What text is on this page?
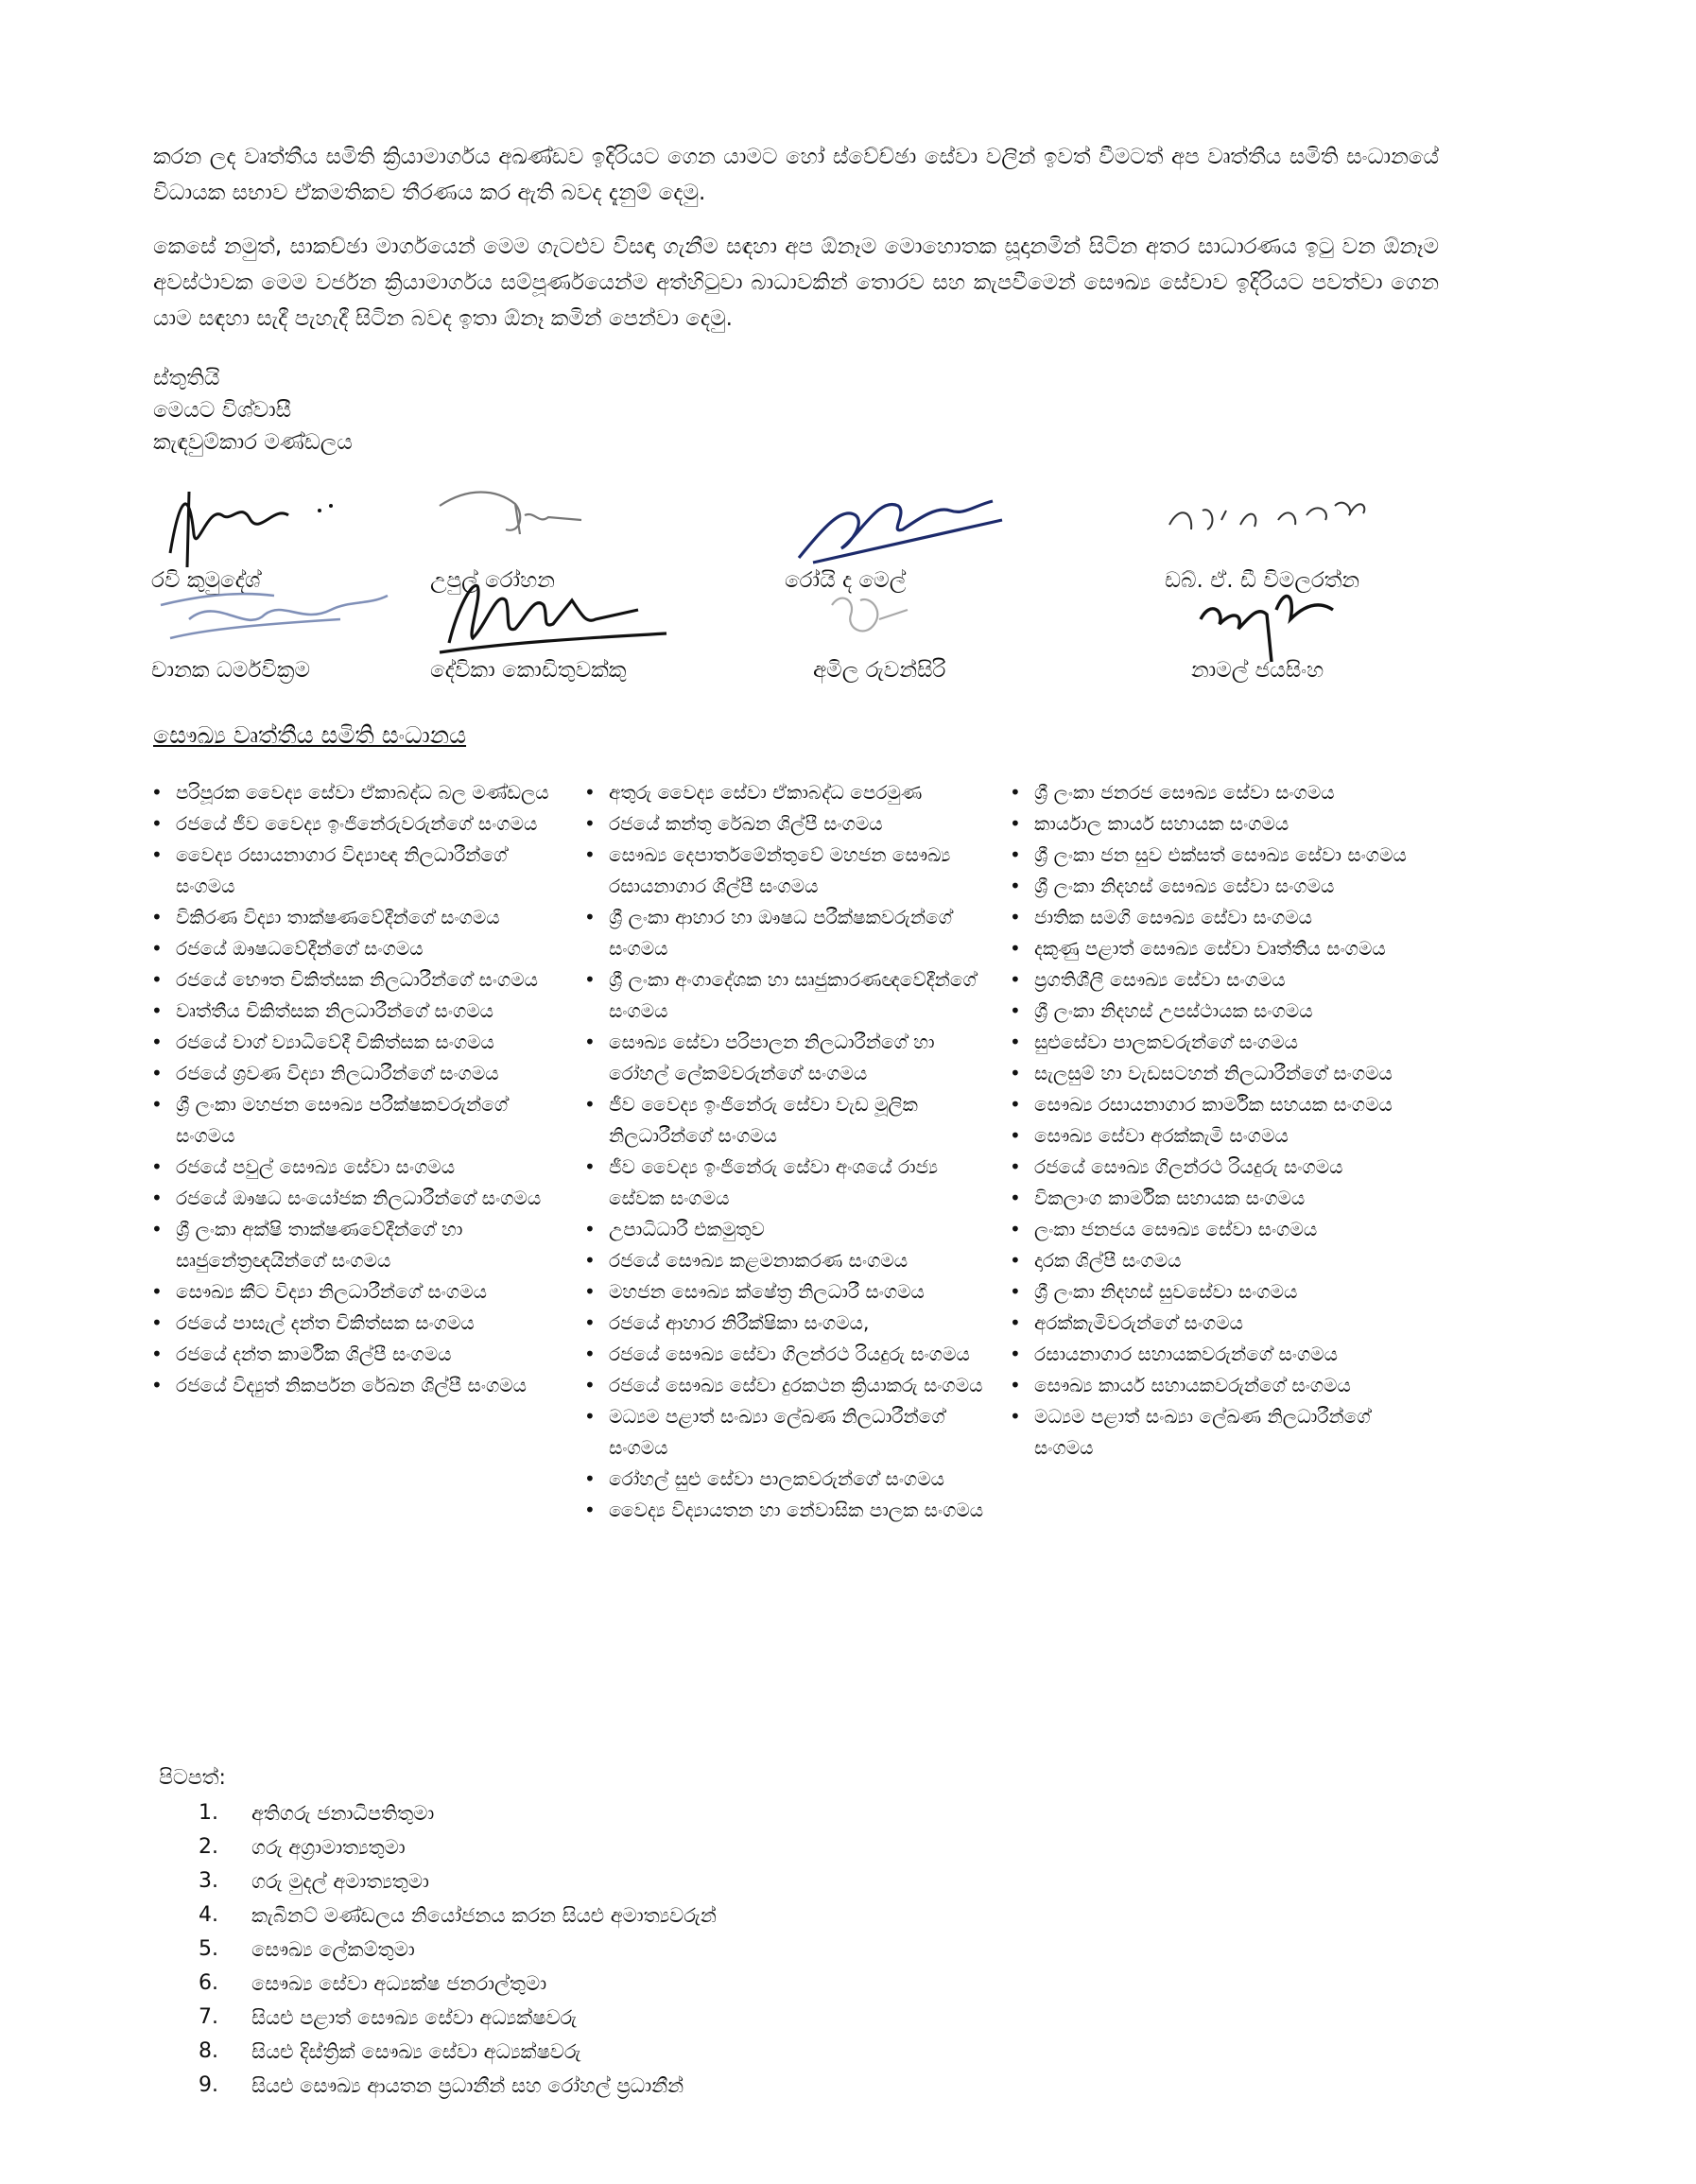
කරන ලද වෘත්තීය සමිති ක්‍රියාමාර්ගය අඛණ්ඩව ඉදිරියට ගෙන යාමට හෝ ස්වේච්ඡා සේවා වලින් ඉවත් වීමටත් අප වෘත්තීය සමිති සංධානයේ විධායක සභාව ඒකමතිකව තීරණය කර ඇති බවද දැනුම් දෙමු.

කෙසේ නමුත්, සාකච්ඡා මාර්ගයෙන් මෙම ගැටළුව විසඳා ගැනීම සඳහා අප ඕනෑම මොහොතක සූදානමින් සිටින අතර සාධාරණය ඉටු වන ඕනෑම අවස්ථාවක මෙම වර්ජන ක්‍රියාමාර්ගය සම්පූර්ණයෙන්ම අත්හිටුවා බාධාවකින් තොරව සහ කැපවීමෙන් සෞඛ්‍ය සේවාව ඉදිරියට පවත්වා ගෙන යාම සඳහා සැදී පැහැදී සිටින බවද ඉතා ඕනෑ කමින් පෙන්වා දෙමු.

ස්තුතියි
මෙයට විශ්වාසී
කැඳවුම්කාර මණ්ඩලය
රවි කුමුදේශ්	උපුල් රෝහන	රෝයි ද මෙල්	ඩබ්. ඒ. ඩී විමලරත්න
චානක ධර්මවික්‍රම	දේවිකා කොඩිතුවක්කු	අමිල රුවන්සිරි	නාමල් ජයසිංහ
සෞඛ්‍ය වෘත්තීය සමිති සංධානය
• පරිපූරක වෛද්‍ය සේවා ඒකාබද්ධ බල මණ්ඩලය
• රජයේ ජීව වෛද්‍ය ඉංජිනේරුවරුන්ගේ සංගමය
• වෛද්‍ය රසායනාගාර විද්‍යාඥ නිලධාරීන්ගේ සංගමය
• විකිරණ විද්‍යා තාක්ෂණවේදීන්ගේ සංගමය
• රජයේ ඖෂධවේදීන්ගේ සංගමය
• රජයේ භෞත චිකිත්සක නිලධාරීන්ගේ සංගමය
• වෘත්තීය චිකිත්සක නිලධාරීන්ගේ සංගමය
• රජයේ වාග් ව්‍යාධිවේදී චිකිත්සක සංගමය
• රජයේ ශ්‍රවණ විද්‍යා නිලධාරීන්ගේ සංගමය
• ශ්‍රී ලංකා මහජන සෞඛ්‍ය පරීක්ෂකවරුන්ගේ සංගමය
• රජයේ පවුල් සෞඛ්‍ය සේවා සංගමය
• රජයේ ඖෂධ සංයෝජක නිලධාරීන්ගේ සංගමය
• ශ්‍රී ලංකා අක්ෂි තාක්ෂණවේදීන්ගේ හා සෘජුනේත්‍රඥයින්ගේ සංගමය
• සෞඛ්‍ය කීට විද්‍යා නිලධාරීන්ගේ සංගමය
• රජයේ පාසැල් දන්ත චිකිත්සක සංගමය
• රජයේ දන්ත කාර්මික ශිල්පී සංගමය
• රජයේ විද්‍යුත් නිකර්පන රේඛන ශිල්පී සංගමය
• අතුරු වෛද්‍ය සේවා ඒකාබද්ධ පෙරමුණ
• රජයේ කන්තු රේඛන ශිල්පී සංගමය
• සෞඛ්‍ය දෙපාර්තමේන්තුවේ මහජන සෞඛ්‍ය රසායනාගාර ශිල්පී සංගමය
• ශ්‍රී ලංකා ආහාර හා ඖෂධ පරීක්ෂකවරුන්ගේ සංගමය
• ශ්‍රී ලංකා අංගාදේශක හා සෘජුකාරණඥවේදීන්ගේ සංගමය
• සෞඛ්‍ය සේවා පරිපාලන නිලධාරීන්ගේ හා රෝහල් ලේකම්වරුන්ගේ සංගමය
• ජීව වෛද්‍ය ඉංජිනේරු සේවා වැඩ මූලික නිලධාරීන්ගේ සංගමය
• ජීව වෛද්‍ය ඉංජිනේරු සේවා අංශයේ රාජ්‍ය සේවක සංගමය
• උපාධිධාරී එකමුතුව
• රජයේ සෞඛ්‍ය කළමනාකරණ සංගමය
• මහජන සෞඛ්‍ය ක්ෂේත්‍ර නිලධාරී සංගමය
• රජයේ ආහාර නිරීක්ෂිකා සංගමය,
• රජයේ සෞඛ්‍ය සේවා ගිලන්රථ රියදුරු සංගමය
• රජයේ සෞඛ්‍ය සේවා දුරකථන ක්‍රියාකරු සංගමය
• මධ්‍යම පළාත් සංඛ්‍යා ලේඛණ නිලධාරීන්ගේ සංගමය
• රෝහල් සුළු සේවා පාලකවරුන්ගේ සංගමය
• වෛද්‍ය විද්‍යායතන හා නේවාසික පාලක සංගමය
• ශ්‍රී ලංකා ජනරජ සෞඛ්‍ය සේවා සංගමය
• කාර්යාල කාර්ය සහායක සංගමය
• ශ්‍රී ලංකා ජන සුව එක්සත් සෞඛ්‍ය සේවා සංගමය
• ශ්‍රී ලංකා නිදහස් සෞඛ්‍ය සේවා සංගමය
• ජාතික සමගි සෞඛ්‍ය සේවා සංගමය
• දකුණු පළාත් සෞඛ්‍ය සේවා වෘත්තීය සංගමය
• ප්‍රගතිශීලී සෞඛ්‍ය සේවා සංගමය
• ශ්‍රී ලංකා නිදහස් උපස්ථායක සංගමය
• සුළුසේවා පාලකවරුන්ගේ සංගමය
• සැලසුම් හා වැඩසටහන් නිලධාරීන්ගේ සංගමය
• සෞඛ්‍ය රසායනාගාර කාර්මික සහයක සංගමය
• සෞඛ්‍ය සේවා අරක්කැමි සංගමය
• රජයේ සෞඛ්‍ය ගිලන්රථ රියදුරු සංගමය
• විකලාංග කාර්මික සහායක සංගමය
• ලංකා ජනජය සෞඛ්‍ය සේවා සංගමය
• දාරක ශිල්පී සංගමය
• ශ්‍රී ලංකා නිදහස් සුවසේවා සංගමය
• අරක්කැමිවරුන්ගේ සංගමය
• රසායනාගාර සහායකවරුන්ගේ සංගමය
• සෞඛ්‍ය කාර්ය සහායකවරුන්ගේ සංගමය
• මධ්‍යම පළාත් සංඛ්‍යා ලේඛණ නිලධාරීන්ගේ සංගමය
පිටපත්:
1. අතිගරු ජනාධිපතිතුමා
2. ගරු අග්‍රාමාත්‍යතුමා
3. ගරු මුදල් අමාත්‍යතුමා
4. කැබිනට් මණ්ඩලය නියෝජනය කරන සියළු අමාත්‍යවරුන්
5. සෞඛ්‍ය ලේකම්තුමා
6. සෞඛ්‍ය සේවා අධ්‍යක්ෂ ජනරාල්තුමා
7. සියළු පළාත් සෞඛ්‍ය සේවා අධ්‍යක්ෂවරු
8. සියළු දිස්ත්‍රික් සෞඛ්‍ය සේවා අධ්‍යක්ෂවරු
9. සියළු සෞඛ්‍ය ආයතන ප්‍රධානීන් සහ රෝහල් ප්‍රධානීන්
